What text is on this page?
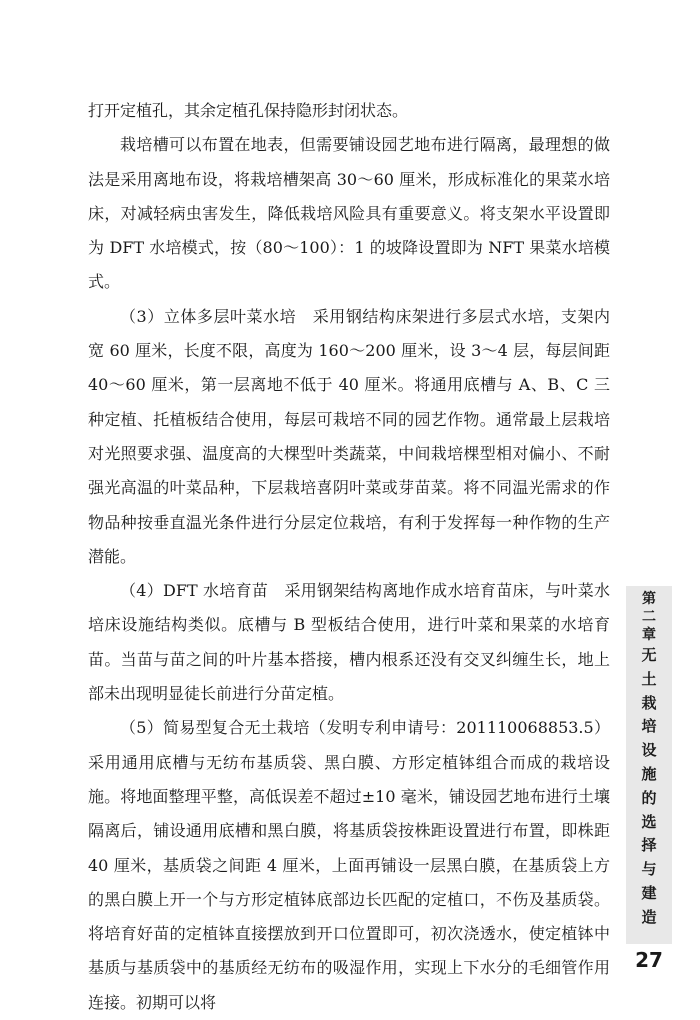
打开定植孔，其余定植孔保持隐形封闭状态。

栽培槽可以布置在地表，但需要铺设园艺地布进行隔离，最理想的做法是采用离地布设，将栽培槽架高 30～60 厘米，形成标准化的果菜水培床，对减轻病虫害发生，降低栽培风险具有重要意义。将支架水平设置即为 DFT 水培模式，按（80～100）：1 的坡降设置即为 NFT 果菜水培模式。

（3）立体多层叶菜水培　采用钢结构床架进行多层式水培，支架内宽 60 厘米，长度不限，高度为 160～200 厘米，设 3～4 层，每层间距 40～60 厘米，第一层离地不低于 40 厘米。将通用底槽与 A、B、C 三种定植、托植板结合使用，每层可栽培不同的园艺作物。通常最上层栽培对光照要求强、温度高的大棵型叶类蔬菜，中间栽培棵型相对偏小、不耐强光高温的叶菜品种，下层栽培喜阴叶菜或芽苗菜。将不同温光需求的作物品种按垂直温光条件进行分层定位栽培，有利于发挥每一种作物的生产潜能。

（4）DFT 水培育苗　采用钢架结构离地作成水培育苗床，与叶菜水培床设施结构类似。底槽与 B 型板结合使用，进行叶菜和果菜的水培育苗。当苗与苗之间的叶片基本搭接，槽内根系还没有交叉纠缠生长，地上部未出现明显徒长前进行分苗定植。

（5）简易型复合无土栽培（发明专利申请号：201110068853.5）采用通用底槽与无纺布基质袋、黑白膜、方形定植钵组合而成的栽培设施。将地面整理平整，高低误差不超过±10 毫米，铺设园艺地布进行土壤隔离后，铺设通用底槽和黑白膜，将基质袋按株距设置进行布置，即株距 40 厘米，基质袋之间距 4 厘米，上面再铺设一层黑白膜，在基质袋上方的黑白膜上开一个与方形定植钵底部边长匹配的定植口，不伤及基质袋。将培育好苗的定植钵直接摆放到开口位置即可，初次浇透水，使定植钵中基质与基质袋中的基质经无纺布的吸湿作用，实现上下水分的毛细管作用连接。初期可以将

第
二
章
无
土
栽
培
设
施
的
选
择
与
建
造
27
